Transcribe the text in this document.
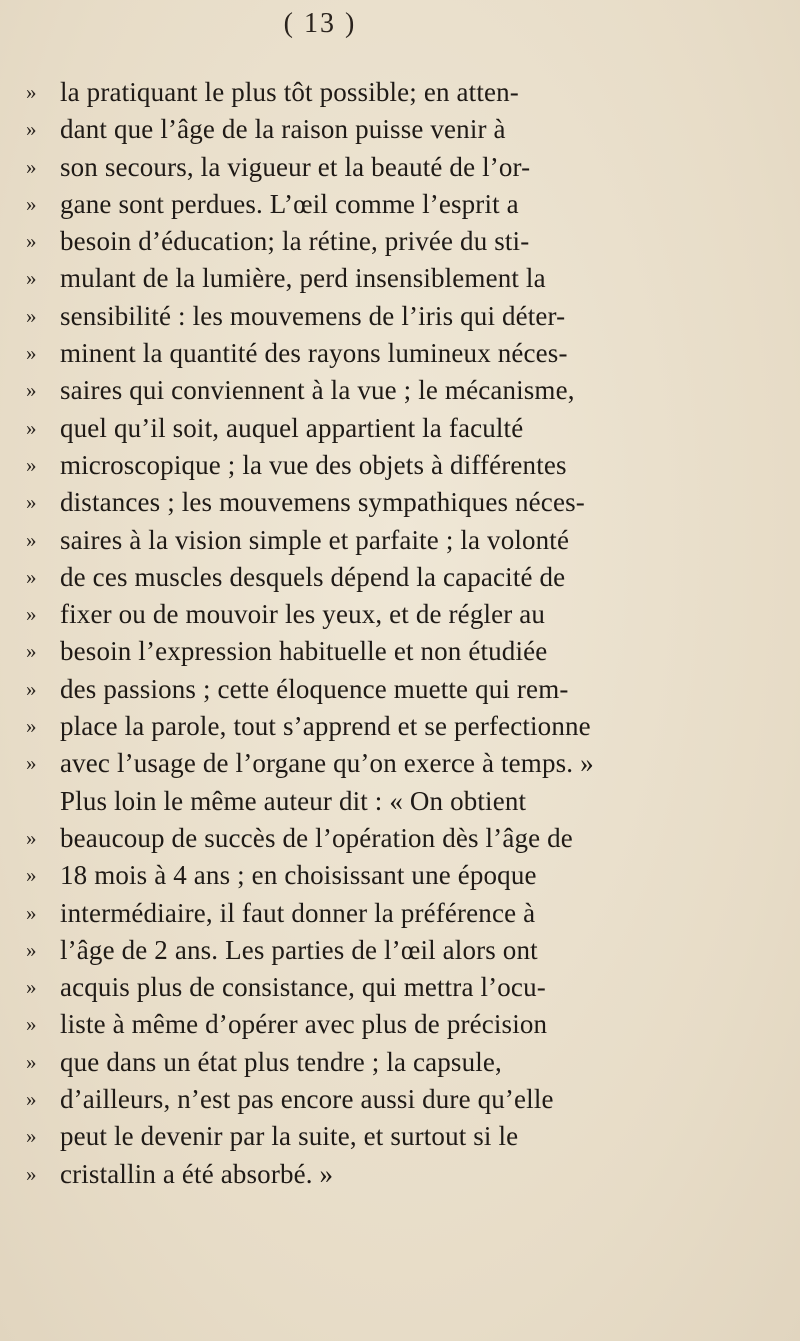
( 13 )
» la pratiquant le plus tôt possible; en atten-
» dant que l’âge de la raison puisse venir à
» son secours, la vigueur et la beauté de l’or-
» gane sont perdues. L’œil comme l’esprit a
» besoin d’éducation; la rétine, privée du sti-
» mulant de la lumière, perd insensiblement la
» sensibilité : les mouvemens de l’iris qui déter-
» minent la quantité des rayons lumineux néces-
» saires qui conviennent à la vue ; le mécanisme,
» quel qu’il soit, auquel appartient la faculté
» microscopique ; la vue des objets à différentes
» distances ; les mouvemens sympathiques néces-
» saires à la vision simple et parfaite ; la volonté
» de ces muscles desquels dépend la capacité de
» fixer ou de mouvoir les yeux, et de régler au
» besoin l’expression habituelle et non étudiée
» des passions ; cette éloquence muette qui rem-
» place la parole, tout s’apprend et se perfectionne
» avec l’usage de l’organe qu’on exerce à temps. »
Plus loin le même auteur dit : « On obtient
» beaucoup de succès de l’opération dès l’âge de
» 18 mois à 4 ans ; en choisissant une époque
» intermédiaire, il faut donner la préférence à
» l’âge de 2 ans. Les parties de l’œil alors ont
» acquis plus de consistance, qui mettra l’ocu-
» liste à même d’opérer avec plus de précision
» que dans un état plus tendre ; la capsule,
» d’ailleurs, n’est pas encore aussi dure qu’elle
» peut le devenir par la suite, et surtout si le
» cristallin a été absorbé. »
